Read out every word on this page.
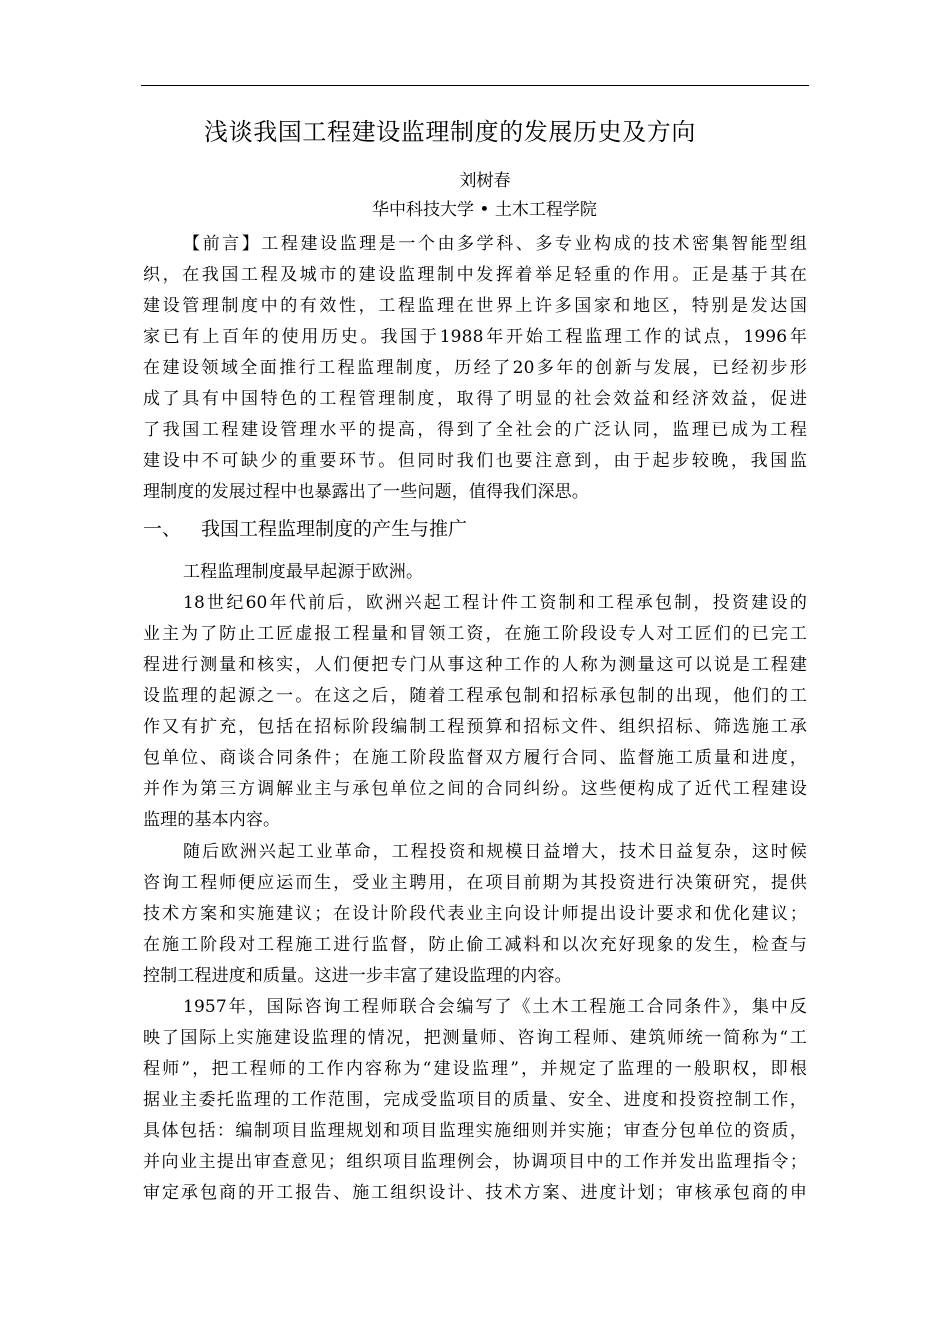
浅谈我国工程建设监理制度的发展历史及方向
刘树春
华中科技大学 • 土木工程学院
【前言】工程建设监理是一个由多学科、多专业构成的技术密集智能型组
织，在我国工程及城市的建设监理制中发挥着举足轻重的作用。正是基于其在
建设管理制度中的有效性，工程监理在世界上许多国家和地区，特别是发达国
家已有上百年的使用历史。我国于1988年开始工程监理工作的试点，1996年
在建设领域全面推行工程监理制度，历经了20多年的创新与发展，已经初步形
成了具有中国特色的工程管理制度，取得了明显的社会效益和经济效益，促进
了我国工程建设管理水平的提高，得到了全社会的广泛认同，监理已成为工程
建设中不可缺少的重要环节。但同时我们也要注意到，由于起步较晚，我国监
理制度的发展过程中也暴露出了一些问题，值得我们深思。
一、 我国工程监理制度的产生与推广
工程监理制度最早起源于欧洲。
18世纪60年代前后，欧洲兴起工程计件工资制和工程承包制，投资建设的
业主为了防止工匠虚报工程量和冒领工资，在施工阶段设专人对工匠们的已完工
程进行测量和核实，人们便把专门从事这种工作的人称为测量这可以说是工程建
设监理的起源之一。在这之后，随着工程承包制和招标承包制的出现，他们的工
作又有扩充，包括在招标阶段编制工程预算和招标文件、组织招标、筛选施工承
包单位、商谈合同条件；在施工阶段监督双方履行合同、监督施工质量和进度，
并作为第三方调解业主与承包单位之间的合同纠纷。这些便构成了近代工程建设
监理的基本内容。
随后欧洲兴起工业革命，工程投资和规模日益增大，技术日益复杂，这时候
咨询工程师便应运而生，受业主聘用，在项目前期为其投资进行决策研究，提供
技术方案和实施建议；在设计阶段代表业主向设计师提出设计要求和优化建议；
在施工阶段对工程施工进行监督，防止偷工减料和以次充好现象的发生，检查与
控制工程进度和质量。这进一步丰富了建设监理的内容。
1957年，国际咨询工程师联合会编写了《土木工程施工合同条件》，集中反
映了国际上实施建设监理的情况，把测量师、咨询工程师、建筑师统一简称为“工
程师”，把工程师的工作内容称为“建设监理”，并规定了监理的一般职权，即根
据业主委托监理的工作范围，完成受监项目的质量、安全、进度和投资控制工作，
具体包括：编制项目监理规划和项目监理实施细则并实施；审查分包单位的资质，
并向业主提出审查意见；组织项目监理例会，协调项目中的工作并发出监理指令；
审定承包商的开工报告、施工组织设计、技术方案、进度计划；审核承包商的申
